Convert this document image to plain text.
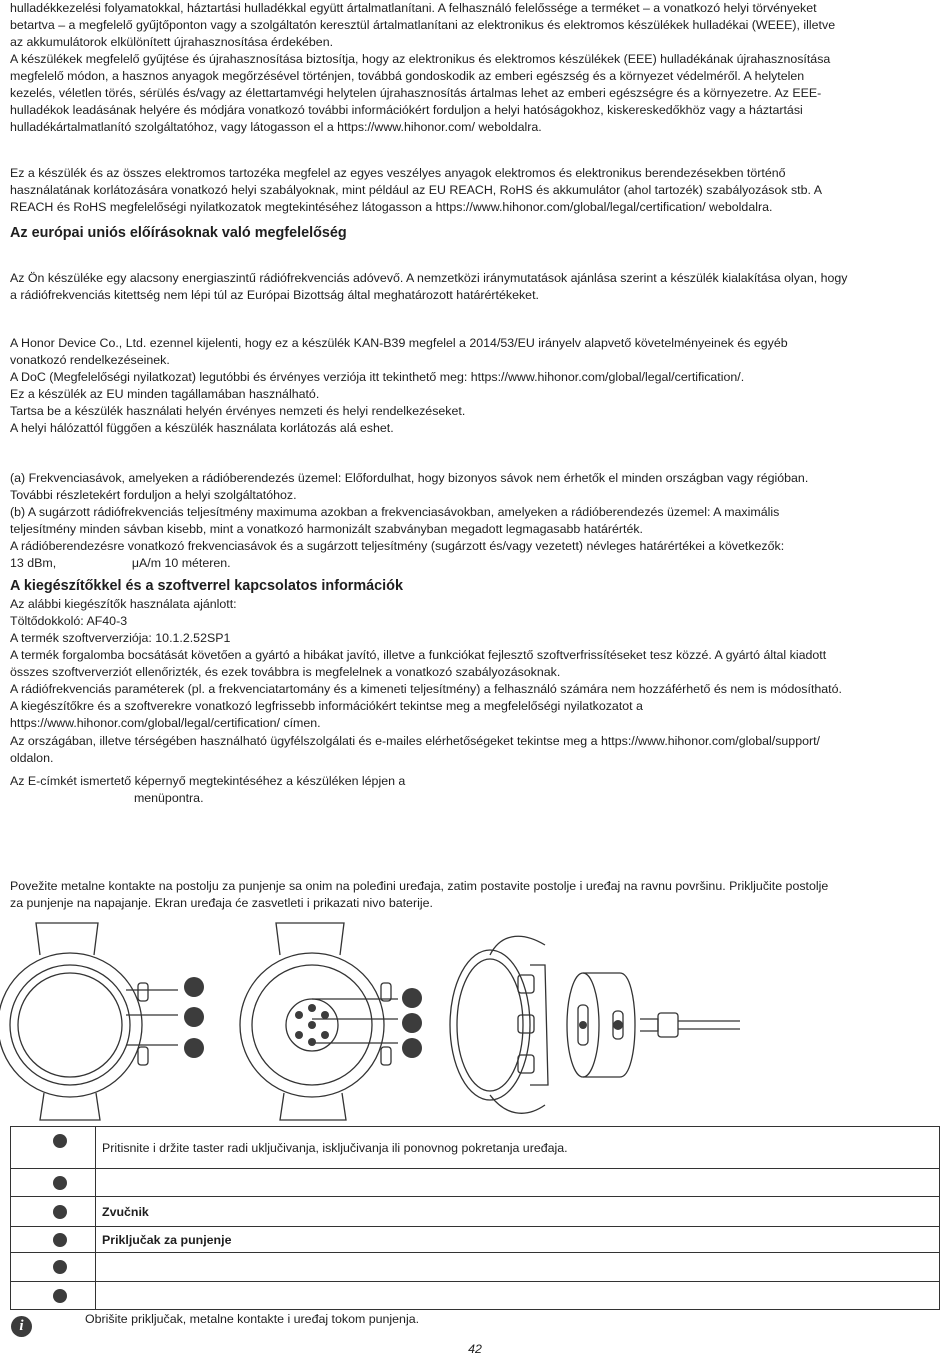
hulladékkezelési folyamatokkal, háztartási hulladékkal együtt ártalmatlanítani. A felhasználó felelőssége a terméket – a vonatkozó helyi törvényeket
betartva – a megfelelő gyűjtőponton vagy a szolgáltatón keresztül ártalmatlanítani az elektronikus és elektromos készülékek hulladékai (WEEE), illetve
az akkumulátorok elkülönített újrahasznosítása érdekében.
A készülékek megfelelő gyűjtése és újrahasznosítása biztosítja, hogy az elektronikus és elektromos készülékek (EEE) hulladékának újrahasznosítása
megfelelő módon, a hasznos anyagok megőrzésével történjen, továbbá gondoskodik az emberi egészség és a környezet védelméről. A helytelen
kezelés, véletlen törés, sérülés és/vagy az élettartamvégi helytelen újrahasznosítás ártalmas lehet az emberi egészségre és a környezetre. Az EEE-
hulladékok leadásának helyére és módjára vonatkozó további információkért forduljon a helyi hatóságokhoz, kiskereskedőkhöz vagy a háztartási
hulladékártalmatlanító szolgáltatóhoz, vagy látogasson el a https://www.hihonor.com/ weboldalra.
Ez a készülék és az összes elektromos tartozéka megfelel az egyes veszélyes anyagok elektromos és elektronikus berendezésekben történő
használatának korlátozására vonatkozó helyi szabályoknak, mint például az EU REACH, RoHS és akkumulátor (ahol tartozék) szabályozások stb. A
REACH és RoHS megfelelőségi nyilatkozatok megtekintéséhez látogasson a https://www.hihonor.com/global/legal/certification/ weboldalra.
Az európai uniós előírásoknak való megfelelőség
Az Ön készüléke egy alacsony energiaszintű rádiófrekvenciás adóvevő. A nemzetközi iránymutatások ajánlása szerint a készülék kialakítása olyan, hogy
a rádiófrekvenciás kitettség nem lépi túl az Európai Bizottság által meghatározott határértékeket.
A Honor Device Co., Ltd. ezennel kijelenti, hogy ez a készülék KAN-B39 megfelel a 2014/53/EU irányelv alapvető követelményeinek és egyéb
vonatkozó rendelkezéseinek.
A DoC (Megfelelőségi nyilatkozat) legutóbbi és érvényes verziója itt tekinthető meg: https://www.hihonor.com/global/legal/certification/.
Ez a készülék az EU minden tagállamában használható.
Tartsa be a készülék használati helyén érvényes nemzeti és helyi rendelkezéseket.
A helyi hálózattól függően a készülék használata korlátozás alá eshet.
(a) Frekvenciasávok, amelyeken a rádióberendezés üzemel: Előfordulhat, hogy bizonyos sávok nem érhetők el minden országban vagy régióban.
További részletekért forduljon a helyi szolgáltatóhoz.
(b) A sugárzott rádiófrekvenciás teljesítmény maximuma azokban a frekvenciasávokban, amelyeken a rádióberendezés üzemel: A maximális
teljesítmény minden sávban kisebb, mint a vonatkozó harmonizált szabványban megadott legmagasabb határérték.
A rádióberendezésre vonatkozó frekvenciasávok és a sugárzott teljesítmény (sugárzott és/vagy vezetett) névleges határértékei a következők:
13 dBm,                      μA/m 10 méteren.
A kiegészítőkkel és a szoftverrel kapcsolatos információk
Az alábbi kiegészítők használata ajánlott:
Töltődokkoló: AF40-3
A termék szoftververziója: 10.1.2.52SP1
A termék forgalomba bocsátását követően a gyártó a hibákat javító, illetve a funkciókat fejlesztő szoftverfrissítéseket tesz közzé. A gyártó által kiadott
összes szoftververziót ellenőrizték, és ezek továbbra is megfelelnek a vonatkozó szabályozásoknak.
A rádiófrekvenciás paraméterek (pl. a frekvenciatartomány és a kimeneti teljesítmény) a felhasználó számára nem hozzáférhető és nem is módosítható.
A kiegészítőkre és a szoftverekre vonatkozó legfrissebb információkért tekintse meg a megfelelőségi nyilatkozatot a
https://www.hihonor.com/global/legal/certification/ címen.
Az országában, illetve térségében használható ügyfélszolgálati és e-mailes elérhetőségeket tekintse meg a https://www.hihonor.com/global/support/
oldalon.
Az E-címkét ismertető képernyő megtekintéséhez a készüléken lépjen a
menüpontra.
Povežite metalne kontakte na postolju za punjenje sa onim na poleđini uređaja, zatim postavite postolje i uređaj na ravnu površinu. Priključite postolje
za punjenje na napajanje. Ekran uređaja će zasvetleti i prikazati nivo baterije.
	Pritisnite i držite taster radi uključivanja, isključivanja ili ponovnog pokretanja uređaja.

	Zvučnik

	Priključak za punjenje

i	Obrišite priključak, metalne kontakte i uređaj tokom punjenja.
42
